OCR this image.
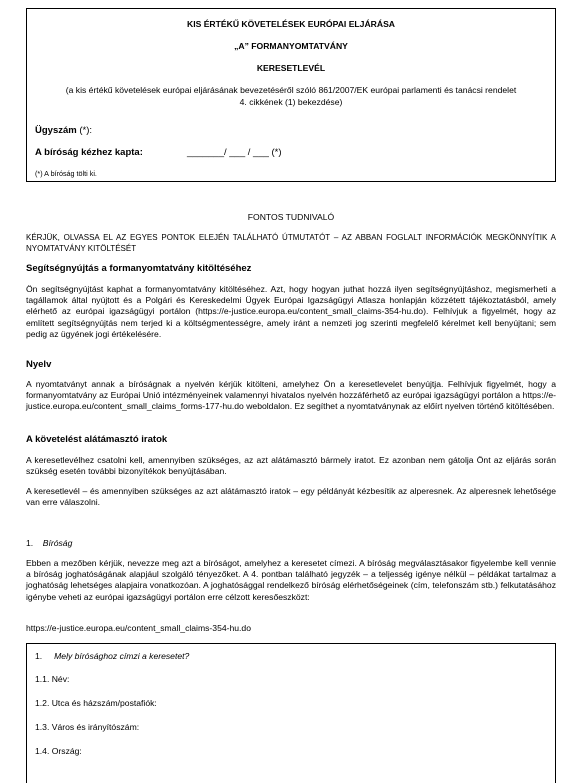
KIS ÉRTÉKŰ KÖVETELÉSEK EURÓPAI ELJÁRÁSA
„A” FORMANYOMTATVÁNY
KERESETLEVÉL
(a kis értékű követelések európai eljárásának bevezetéséről szóló 861/2007/EK európai parlamenti és tanácsi rendelet
4. cikkének (1) bekezdése)
Ügyszám (*):
A bíróság kézhez kapta:	_______/ ___ / ___ (*)
(*) A bíróság tölti ki.
FONTOS TUDNIVALÓ
KÉRJÜK, OLVASSA EL AZ EGYES PONTOK ELEJÉN TALÁLHATÓ ÚTMUTATÓT – AZ ABBAN FOGLALT INFORMÁCIÓK MEGKÖNNYÍTIK A NYOMTATVÁNY KITÖLTÉSÉT
Segítségnyújtás a formanyomtatvány kitöltéséhez
Ön segítségnyújtást kaphat a formanyomtatvány kitöltéséhez. Azt, hogy hogyan juthat hozzá ilyen segítségnyújtáshoz, megismerheti a tagállamok által nyújtott és a Polgári és Kereskedelmi Ügyek Európai Igazságügyi Atlasza honlapján közzétett tájékoztatásból, amely elérhető az európai igazságügyi portálon (https://e-justice.europa.eu/content_small_claims-354-hu.do). Felhívjuk a figyelmét, hogy az említett segítségnyújtás nem terjed ki a költségmentességre, amely iránt a nemzeti jog szerinti megfelelő kérelmet kell benyújtani; sem pedig az ügyének jogi értékelésére.
Nyelv
A nyomtatványt annak a bíróságnak a nyelvén kérjük kitölteni, amelyhez Ön a keresetlevelet benyújtja. Felhívjuk figyelmét, hogy a formanyomtatvány az Európai Unió intézményeinek valamennyi hivatalos nyelvén hozzáférhető az európai igazságügyi portálon a https://e-justice.europa.eu/content_small_claims_forms-177-hu.do weboldalon. Ez segíthet a nyomtatványnak az előírt nyelven történő kitöltésében.
A követelést alátámasztó iratok
A keresetlevélhez csatolni kell, amennyiben szükséges, az azt alátámasztó bármely iratot. Ez azonban nem gátolja Önt az eljárás során szükség esetén további bizonyítékok benyújtásában.
A keresetlevél – és amennyiben szükséges az azt alátámasztó iratok – egy példányát kézbesítik az alperesnek. Az alperesnek lehetősége van erre válaszolni.
1. Bíróság
Ebben a mezőben kérjük, nevezze meg azt a bíróságot, amelyhez a keresetet címezi. A bíróság megválasztásakor figyelembe kell vennie a bíróság joghatóságának alapjául szolgáló tényezőket. A 4. pontban található jegyzék – a teljesség igénye nélkül – példákat tartalmaz a joghatóság lehetséges alapjaira vonatkozóan. A joghatósággal rendelkező bíróság elérhetőségeinek (cím, telefonszám stb.) felkutatásához igénybe veheti az európai igazságügyi portálon erre célzott keresőeszközt:
https://e-justice.europa.eu/content_small_claims-354-hu.do
1. Mely bírósághoz címzi a keresetet?
1.1. Név:
1.2. Utca és házszám/postafiók:
1.3. Város és irányítószám:
1.4. Ország:
